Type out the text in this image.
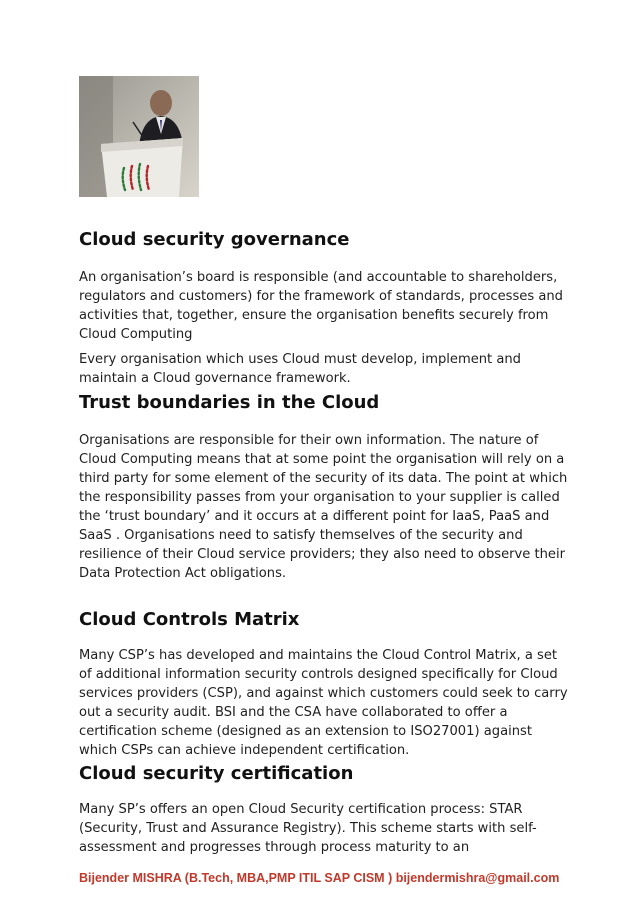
Cloud security governance

An organisation’s board is responsible (and accountable to shareholders, regulators and customers) for the framework of standards, processes and activities that, together, ensure the organisation benefits securely from Cloud Computing

Every organisation which uses Cloud must develop, implement and maintain a Cloud governance framework.

Trust boundaries in the Cloud

Organisations are responsible for their own information. The nature of Cloud Computing means that at some point the organisation will rely on a third party for some element of the security of its data. The point at which the responsibility passes from your organisation to your supplier is called the ‘trust boundary’ and it occurs at a different point for IaaS, PaaS and SaaS . Organisations need to satisfy themselves of the security and resilience of their Cloud service providers; they also need to observe their Data Protection Act obligations.

Cloud Controls Matrix

Many CSP’s has developed and maintains the Cloud Control Matrix, a set of additional information security controls designed specifically for Cloud services providers (CSP), and against which customers could seek to carry out a security audit. BSI and the CSA have collaborated to offer a certification scheme (designed as an extension to ISO27001) against which CSPs can achieve independent certification.

Cloud security certification

Many SP’s offers an open Cloud Security certification process: STAR (Security, Trust and Assurance Registry). This scheme starts with self-assessment and progresses through process maturity to an

Bijender MISHRA (B.Tech, MBA,PMP ITIL SAP CISM ) bijendermishra@gmail.com
